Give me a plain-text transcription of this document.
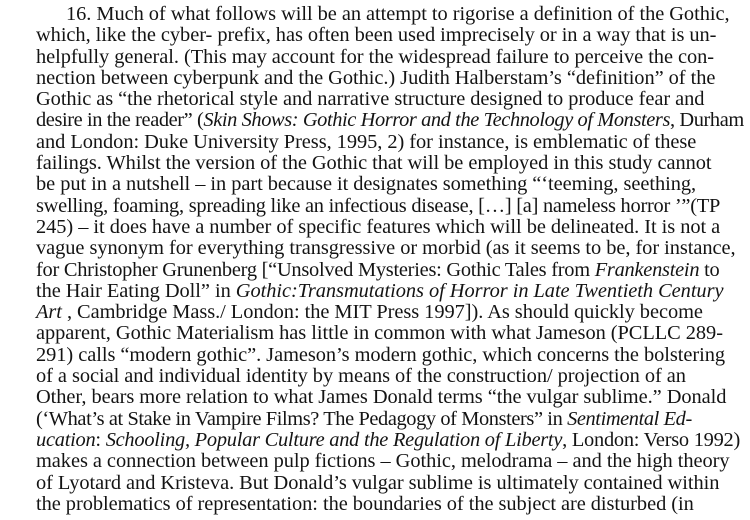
16. Much of what follows will be an attempt to rigorise a definition of the Gothic,
which, like the cyber- prefix, has often been used imprecisely or in a way that is un-
helpfully general. (This may account for the widespread failure to perceive the con-
nection between cyberpunk and the Gothic.) Judith Halberstam’s “definition” of the
Gothic as “the rhetorical style and narrative structure designed to produce fear and
desire in the reader” (Skin Shows: Gothic Horror and the Technology of Monsters, Durham
and London: Duke University Press, 1995, 2) for instance, is emblematic of these
failings. Whilst the version of the Gothic that will be employed in this study cannot
be put in a nutshell – in part because it designates something “‘teeming, seething,
swelling, foaming, spreading like an infectious disease, […] [a] nameless horror ’”(TP
245) – it does have a number of specific features which will be delineated. It is not a
vague synonym for everything transgressive or morbid (as it seems to be, for instance,
for Christopher Grunenberg [“Unsolved Mysteries: Gothic Tales from Frankenstein to
the Hair Eating Doll” in Gothic:Transmutations of Horror in Late Twentieth Century
Art , Cambridge Mass./ London: the MIT Press 1997]). As should quickly become
apparent, Gothic Materialism has little in common with what Jameson (PCLLC 289-
291) calls “modern gothic”. Jameson’s modern gothic, which concerns the bolstering
of a social and individual identity by means of the construction/ projection of an
Other, bears more relation to what James Donald terms “the vulgar sublime.” Donald
(‘What’s at Stake in Vampire Films? The Pedagogy of Monsters” in Sentimental Ed-
ucation: Schooling, Popular Culture and the Regulation of Liberty, London: Verso 1992)
makes a connection between pulp fictions – Gothic, melodrama – and the high theory
of Lyotard and Kristeva. But Donald’s vulgar sublime is ultimately contained within
the problematics of representation: the boundaries of the subject are disturbed (in
